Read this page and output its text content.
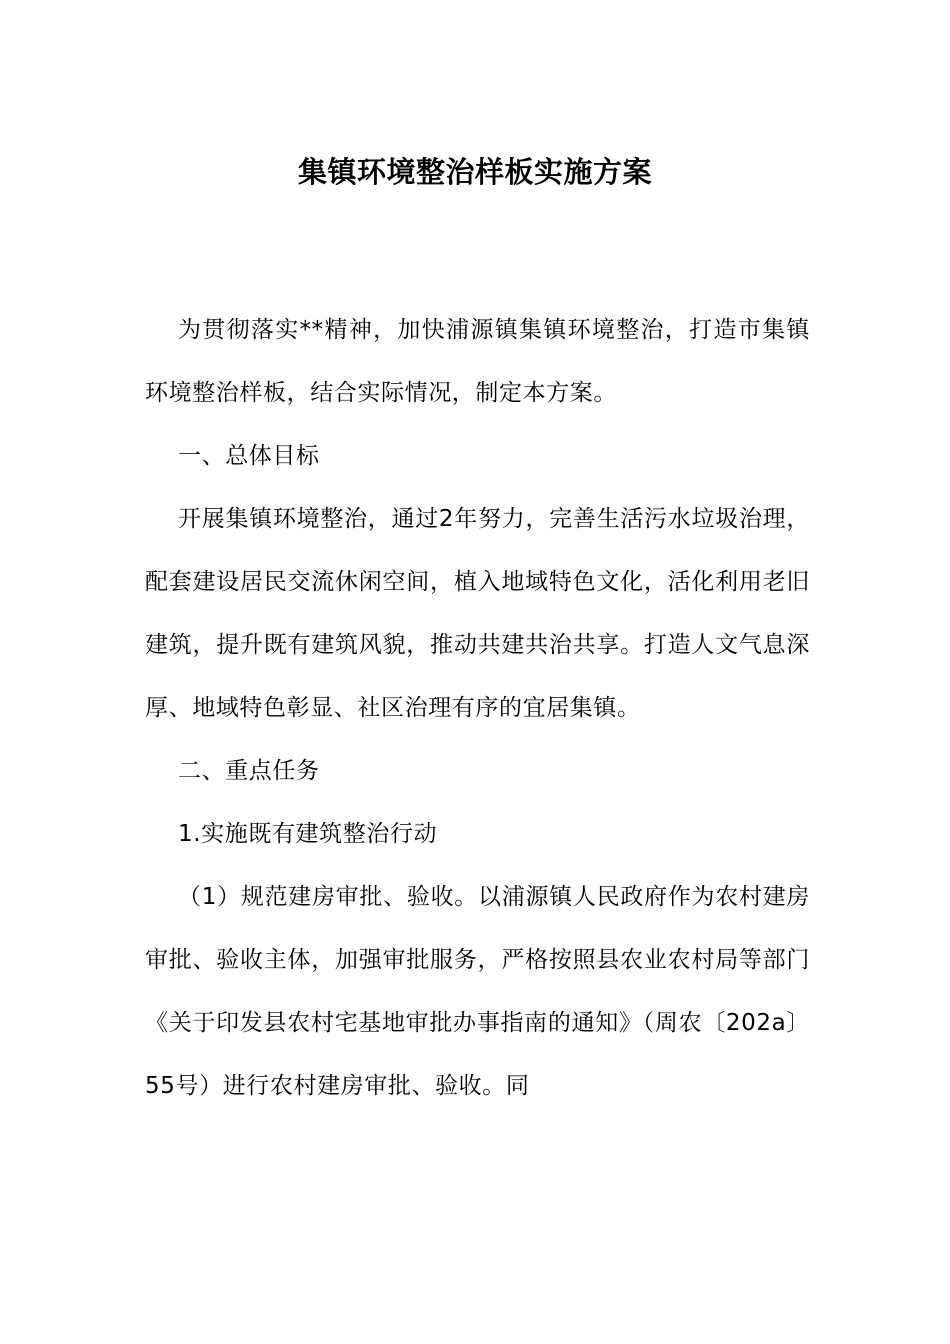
集镇环境整治样板实施方案

为贯彻落实**精神，加快浦源镇集镇环境整治，打造市集镇环境整治样板，结合实际情况，制定本方案。

一、总体目标

开展集镇环境整治，通过2年努力，完善生活污水垃圾治理，配套建设居民交流休闲空间，植入地域特色文化，活化利用老旧建筑，提升既有建筑风貌，推动共建共治共享。打造人文气息深厚、地域特色彰显、社区治理有序的宜居集镇。

二、重点任务

1.实施既有建筑整治行动

（1）规范建房审批、验收。以浦源镇人民政府作为农村建房审批、验收主体，加强审批服务，严格按照县农业农村局等部门《关于印发县农村宅基地审批办事指南的通知》（周农〔202a〕55号）进行农村建房审批、验收。同
